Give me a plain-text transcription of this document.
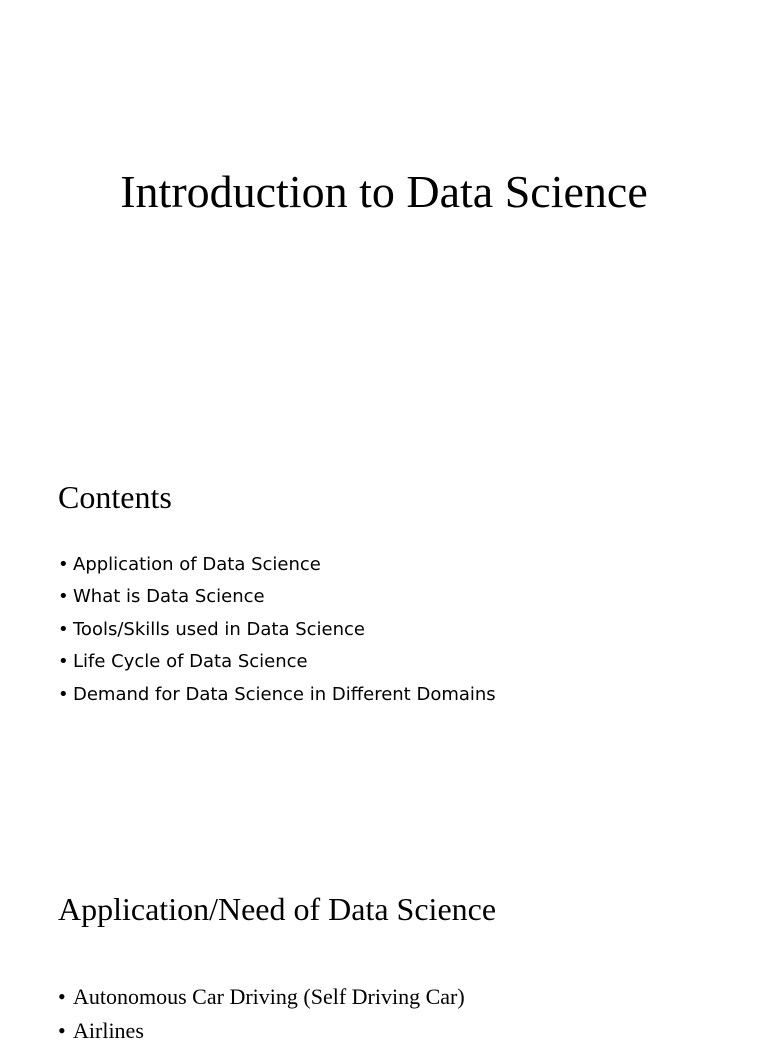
Introduction to Data Science
Contents
• Application of Data Science
• What is Data Science
• Tools/Skills used in Data Science
• Life Cycle of Data Science
• Demand for Data Science in Different Domains
Application/Need of Data Science
• Autonomous Car Driving (Self Driving Car)
• Airlines
